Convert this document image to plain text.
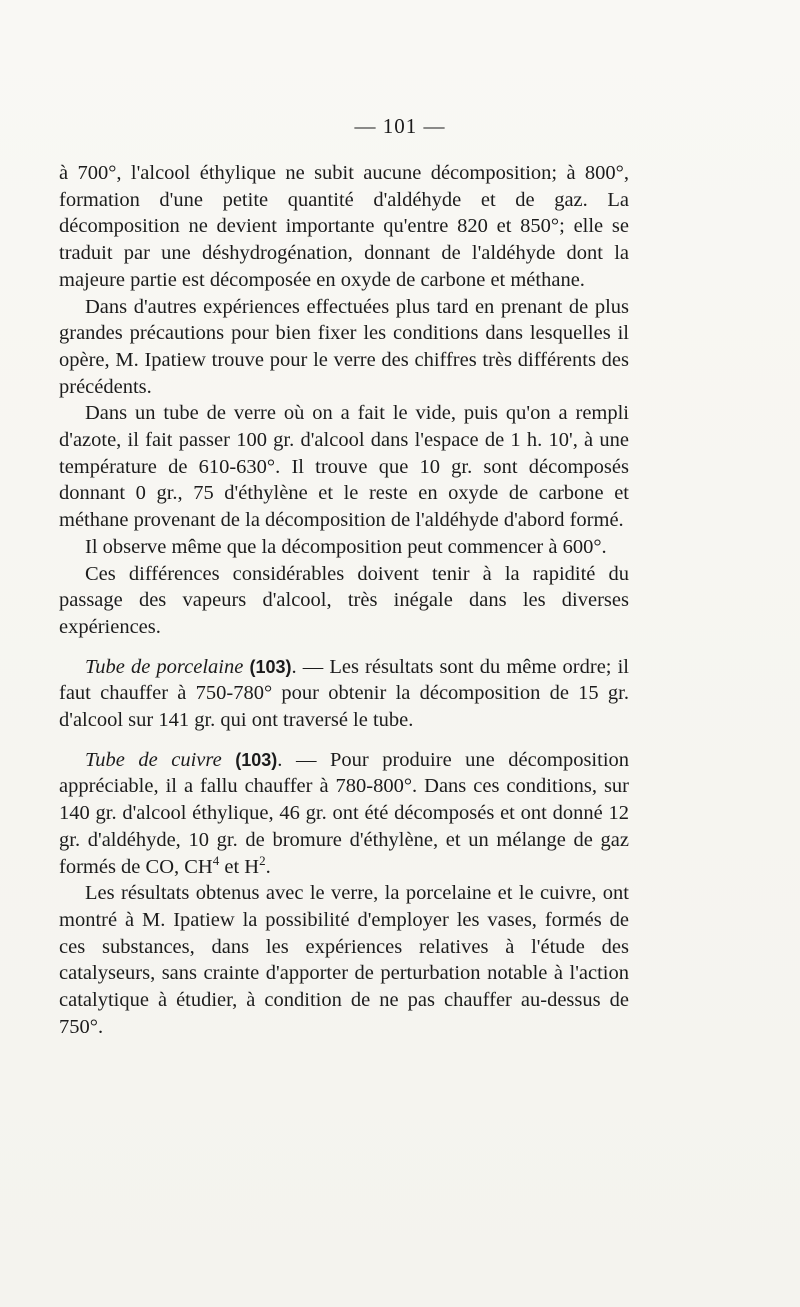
— 101 —

à 700°, l'alcool éthylique ne subit aucune décomposition; à 800°, formation d'une petite quantité d'aldéhyde et de gaz. La décomposition ne devient importante qu'entre 820 et 850°; elle se traduit par une déshydrogénation, donnant de l'aldéhyde dont la majeure partie est décomposée en oxyde de carbone et méthane.

Dans d'autres expériences effectuées plus tard en prenant de plus grandes précautions pour bien fixer les conditions dans lesquelles il opère, M. Ipatiew trouve pour le verre des chiffres très différents des précédents.

Dans un tube de verre où on a fait le vide, puis qu'on a rempli d'azote, il fait passer 100 gr. d'alcool dans l'espace de 1 h. 10', à une température de 610-630°. Il trouve que 10 gr. sont décomposés donnant 0 gr., 75 d'éthylène et le reste en oxyde de carbone et méthane provenant de la décomposition de l'aldéhyde d'abord formé.

Il observe même que la décomposition peut commencer à 600°.

Ces différences considérables doivent tenir à la rapidité du passage des vapeurs d'alcool, très inégale dans les diverses expériences.

Tube de porcelaine (103). — Les résultats sont du même ordre; il faut chauffer à 750-780° pour obtenir la décomposition de 15 gr. d'alcool sur 141 gr. qui ont traversé le tube.

Tube de cuivre (103). — Pour produire une décomposition appréciable, il a fallu chauffer à 780-800°. Dans ces conditions, sur 140 gr. d'alcool éthylique, 46 gr. ont été décomposés et ont donné 12 gr. d'aldéhyde, 10 gr. de bromure d'éthylène, et un mélange de gaz formés de CO, $CH^4$ et $H^2$.

Les résultats obtenus avec le verre, la porcelaine et le cuivre, ont montré à M. Ipatiew la possibilité d'employer les vases, formés de ces substances, dans les expériences relatives à l'étude des catalyseurs, sans crainte d'apporter de perturbation notable à l'action catalytique à étudier, à condition de ne pas chauffer au-dessus de 750°.
